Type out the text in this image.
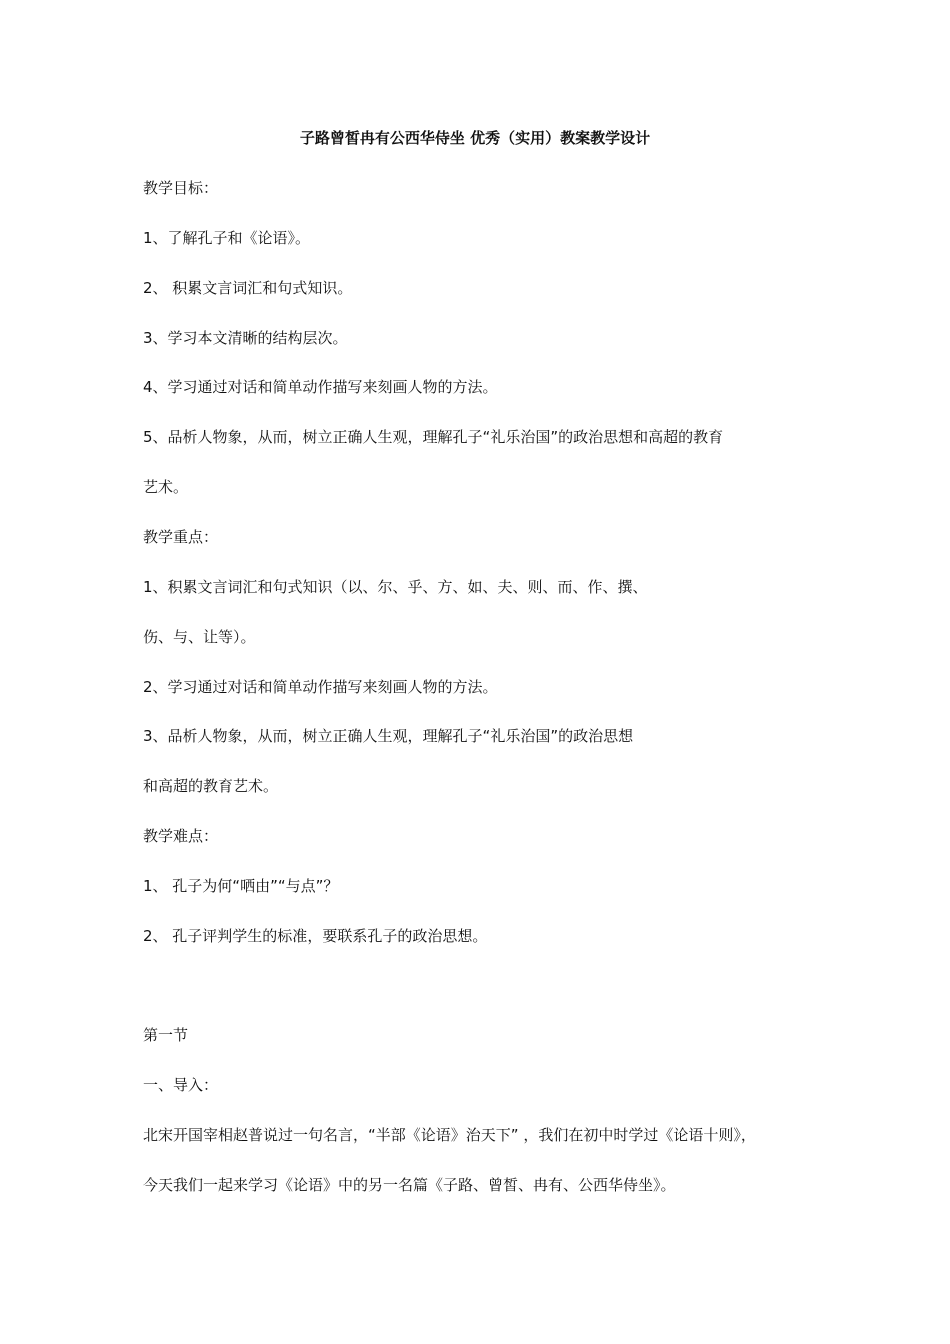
子路曾皙冉有公西华侍坐 优秀（实用）教案教学设计
教学目标：
1、了解孔子和《论语》。
2、 积累文言词汇和句式知识。
3、学习本文清晰的结构层次。
4、学习通过对话和简单动作描写来刻画人物的方法。
5、品析人物象，从而，树立正确人生观，理解孔子“礼乐治国”的政治思想和高超的教育
艺术。
教学重点：
1、积累文言词汇和句式知识（以、尔、乎、方、如、夫、则、而、作、撰、
伤、与、让等）。
2、学习通过对话和简单动作描写来刻画人物的方法。
3、品析人物象，从而，树立正确人生观，理解孔子“礼乐治国”的政治思想
和高超的教育艺术。
教学难点：
1、 孔子为何“哂由”“与点”？
2、 孔子评判学生的标准，要联系孔子的政治思想。
第一节
一、导入：
北宋开国宰相赵普说过一句名言，“半部《论语》治天下” ，我们在初中时学过《论语十则》，
今天我们一起来学习《论语》中的另一名篇《子路、曾皙、冉有、公西华侍坐》。
